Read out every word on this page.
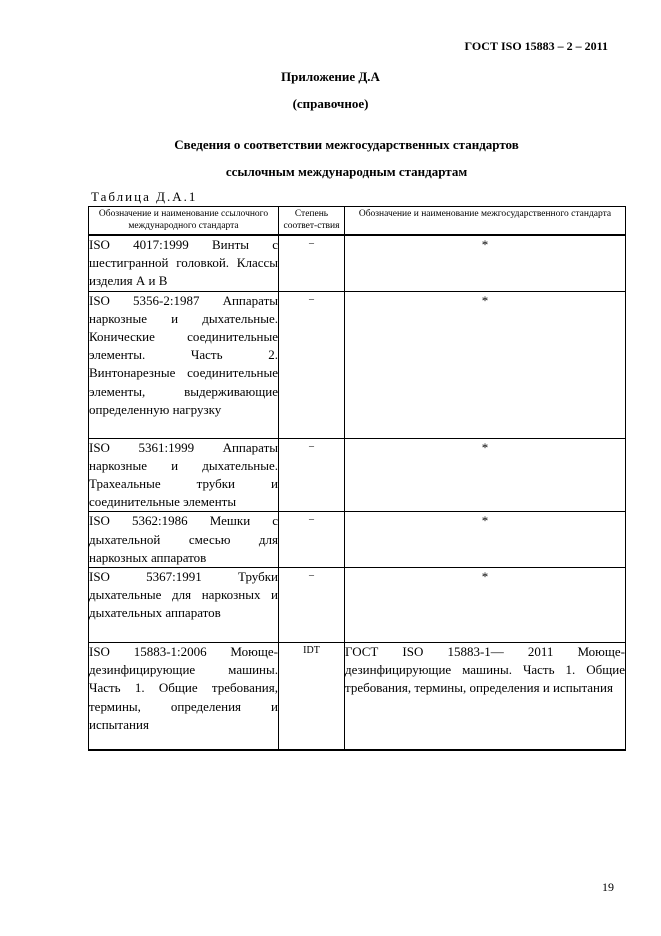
ГОСТ ISO 15883 – 2 – 2011
Приложение Д.А
(справочное)
Сведения о соответствии межгосударственных стандартов
ссылочным международным стандартам
Таблица Д.А.1
Обозначение и наименование ссылочного международного стандарта	Степень соответ-ствия	Обозначение и наименование межгосударственного стандарта
ISO 4017:1999 Винты с шестигранной головкой. Классы изделия А и В	–	*
ISO 5356-2:1987 Аппараты наркозные и дыхательные. Конические соединительные элементы. Часть 2. Винтонарезные соединительные элементы, выдерживающие определенную нагрузку	–	*
ISO 5361:1999 Аппараты наркозные и дыхательные. Трахеальные трубки и соединительные элементы	–	*
ISO 5362:1986 Мешки с дыхательной смесью для наркозных аппаратов	–	*
ISO 5367:1991 Трубки дыхательные для наркозных и дыхательных аппаратов	–	*
ISO 15883-1:2006 Моюще-дезинфицирующие машины. Часть 1. Общие требования, термины, определения и испытания	IDT	ГОСТ ISO 15883-1— 2011 Моюще-дезинфицирующие машины. Часть 1. Общие требования, термины, определения и испытания
19
